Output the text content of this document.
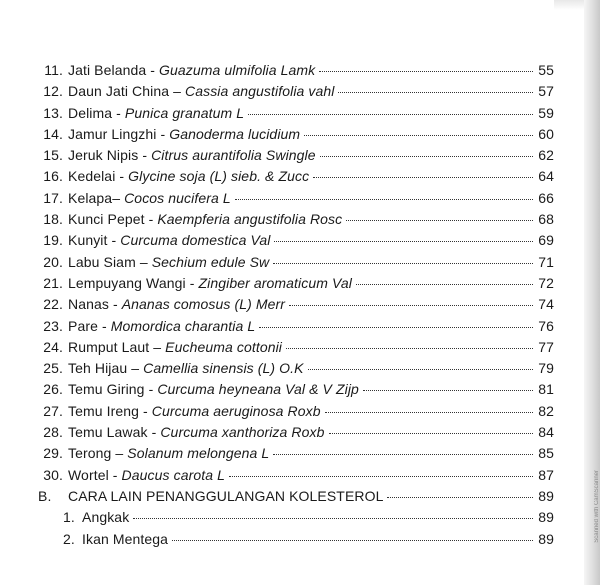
11. Jati Belanda - Guazuma ulmifolia Lamk	55
12. Daun Jati China – Cassia angustifolia vahl	57
13. Delima - Punica granatum L	59
14. Jamur Lingzhi - Ganoderma lucidium	60
15. Jeruk Nipis - Citrus aurantifolia Swingle	62
16. Kedelai - Glycine soja (L) sieb. & Zucc	64
17. Kelapa– Cocos nucifera L	66
18. Kunci Pepet - Kaempferia angustifolia Rosc	68
19. Kunyit - Curcuma domestica Val	69
20. Labu Siam – Sechium edule Sw	71
21. Lempuyang Wangi - Zingiber aromaticum Val	72
22. Nanas - Ananas comosus (L) Merr	74
23. Pare - Momordica charantia L	76
24. Rumput Laut – Eucheuma cottonii	77
25. Teh Hijau – Camellia sinensis (L) O.K	79
26. Temu Giring - Curcuma heyneana Val & V Zijp	81
27. Temu Ireng - Curcuma aeruginosa Roxb	82
28. Temu Lawak - Curcuma xanthoriza Roxb	84
29. Terong – Solanum melongena L	85
30. Wortel - Daucus carota L	87
B.	CARA LAIN PENANGGULANGAN KOLESTEROL	89
1. Angkak	89
2. Ikan Mentega	89	Scanned with CamScanner
